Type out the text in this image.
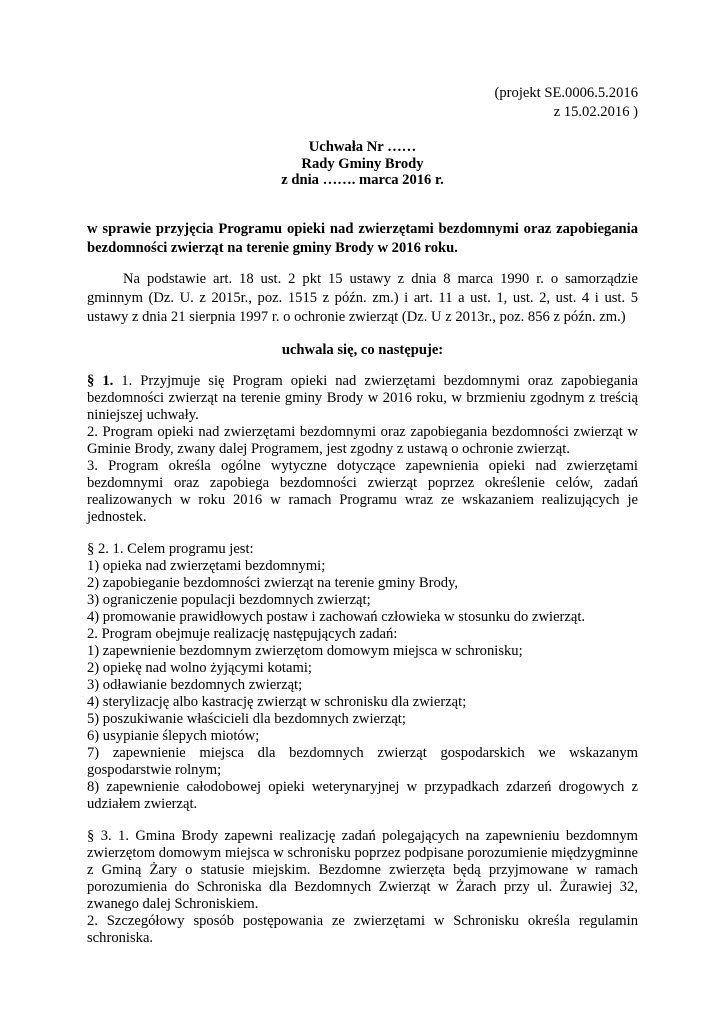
(projekt SE.0006.5.2016
z 15.02.2016 )
Uchwała Nr ……
Rady Gminy Brody
z dnia ……. marca 2016 r.
w sprawie przyjęcia Programu opieki nad zwierzętami bezdomnymi oraz zapobiegania bezdomności zwierząt na terenie gminy Brody w 2016 roku.

Na podstawie art. 18 ust. 2 pkt 15 ustawy z dnia 8 marca 1990 r. o samorządzie gminnym (Dz. U. z 2015r., poz. 1515 z późn. zm.) i art. 11 a ust. 1, ust. 2, ust. 4 i ust. 5 ustawy z dnia 21 sierpnia 1997 r. o ochronie zwierząt (Dz. U z 2013r., poz. 856 z późn. zm.)

uchwala się, co następuje:

§ 1. 1. Przyjmuje się Program opieki nad zwierzętami bezdomnymi oraz zapobiegania bezdomności zwierząt na terenie gminy Brody w 2016 roku, w brzmieniu zgodnym z treścią niniejszej uchwały.

2. Program opieki nad zwierzętami bezdomnymi oraz zapobiegania bezdomności zwierząt w Gminie Brody, zwany dalej Programem, jest zgodny z ustawą o ochronie zwierząt.

3. Program określa ogólne wytyczne dotyczące zapewnienia opieki nad zwierzętami bezdomnymi oraz zapobiega bezdomności zwierząt poprzez określenie celów, zadań realizowanych w roku 2016 w ramach Programu wraz ze wskazaniem realizujących je jednostek.

§ 2. 1. Celem programu jest:

1) opieka nad zwierzętami bezdomnymi;

2) zapobieganie bezdomności zwierząt na terenie gminy Brody,

3) ograniczenie populacji bezdomnych zwierząt;

4) promowanie prawidłowych postaw i zachowań człowieka w stosunku do zwierząt.

2. Program obejmuje realizację następujących zadań:

1) zapewnienie bezdomnym zwierzętom domowym miejsca w schronisku;

2) opiekę nad wolno żyjącymi kotami;

3) odławianie bezdomnych zwierząt;

4) sterylizację albo kastrację zwierząt w schronisku dla zwierząt;

5) poszukiwanie właścicieli dla bezdomnych zwierząt;

6) usypianie ślepych miotów;

7) zapewnienie miejsca dla bezdomnych zwierząt gospodarskich we wskazanym gospodarstwie rolnym;

8) zapewnienie całodobowej opieki weterynaryjnej w przypadkach zdarzeń drogowych z udziałem zwierząt.

§ 3. 1. Gmina Brody zapewni realizację zadań polegających na zapewnieniu bezdomnym zwierzętom domowym miejsca w schronisku poprzez podpisane porozumienie międzygminne z Gminą Żary o statusie miejskim. Bezdomne zwierzęta będą przyjmowane w ramach porozumienia do Schroniska dla Bezdomnych Zwierząt w Żarach przy ul. Żurawiej 32, zwanego dalej Schroniskiem.

2. Szczegółowy sposób postępowania ze zwierzętami w Schronisku określa regulamin schroniska.
